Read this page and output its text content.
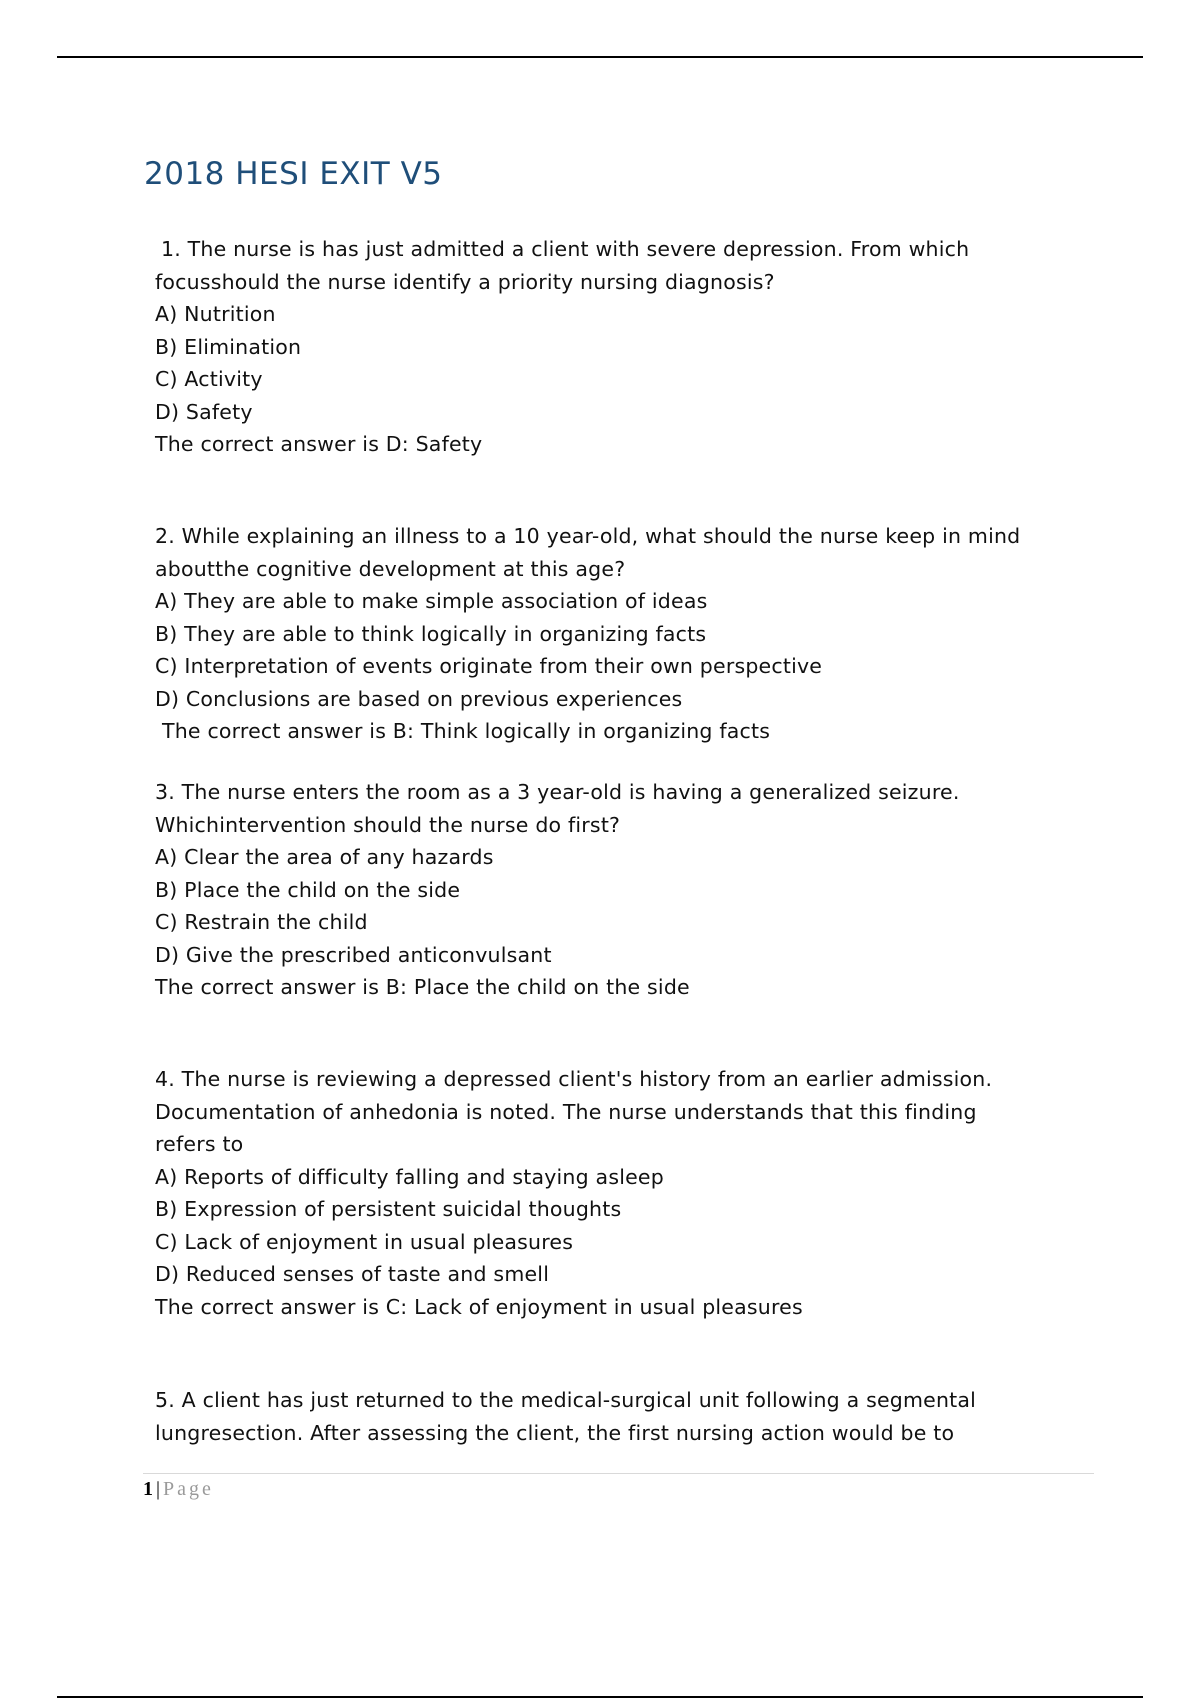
2018 HESI EXIT V5
1. The nurse is has just admitted a client with severe depression. From which
focusshould the nurse identify a priority nursing diagnosis?
A) Nutrition
B) Elimination
C) Activity
D) Safety
The correct answer is D: Safety
2. While explaining an illness to a 10 year-old, what should the nurse keep in mind
aboutthe cognitive development at this age?
A) They are able to make simple association of ideas
B) They are able to think logically in organizing facts
C) Interpretation of events originate from their own perspective
D) Conclusions are based on previous experiences
The correct answer is B: Think logically in organizing facts
3. The nurse enters the room as a 3 year-old is having a generalized seizure.
Whichintervention should the nurse do first?
A) Clear the area of any hazards
B) Place the child on the side
C) Restrain the child
D) Give the prescribed anticonvulsant
The correct answer is B: Place the child on the side
4. The nurse is reviewing a depressed client's history from an earlier admission.
Documentation of anhedonia is noted. The nurse understands that this finding
refers to
A) Reports of difficulty falling and staying asleep
B) Expression of persistent suicidal thoughts
C) Lack of enjoyment in usual pleasures
D) Reduced senses of taste and smell
The correct answer is C: Lack of enjoyment in usual pleasures
5. A client has just returned to the medical-surgical unit following a segmental
lungresection. After assessing the client, the first nursing action would be to
1 | Page
